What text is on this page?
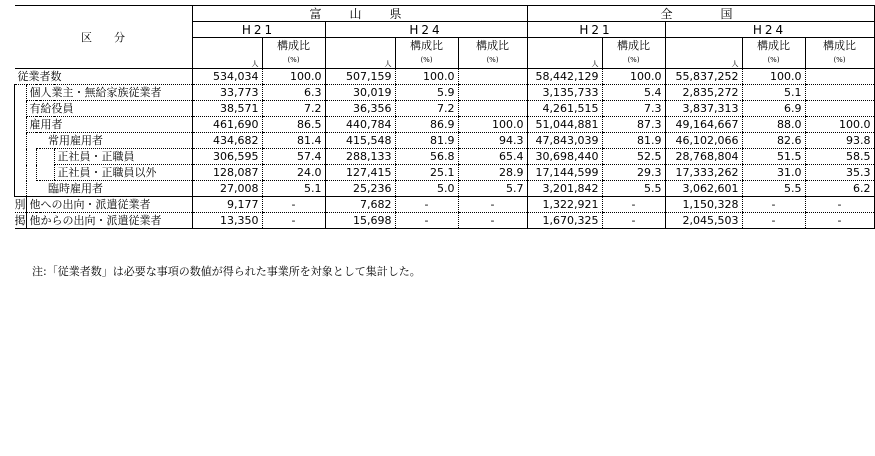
区　　分				富　山　県					全　　国				
				H21		H24			H21		H24		
					構成比		構成比	構成比		構成比		構成比	構成比
				人	(%)	人	(%)	(%)	人	(%)	人	(%)	(%)
従業者数				534,034	100.0	507,159	100.0		58,442,129	100.0	55,837,252	100.0	
	個人業主・無給家族従業者			33,773	6.3	30,019	5.9		3,135,733	5.4	2,835,272	5.1	
	有給役員			38,571	7.2	36,356	7.2		4,261,515	7.3	3,837,313	6.9	
	雇用者			461,690	86.5	440,784	86.9	100.0	51,044,881	87.3	49,164,667	88.0	100.0
		常用雇用者		434,682	81.4	415,548	81.9	94.3	47,843,039	81.9	46,102,066	82.6	93.8
			正社員・正職員	306,595	57.4	288,133	56.8	65.4	30,698,440	52.5	28,768,804	51.5	58.5
			正社員・正職員以外	128,087	24.0	127,415	25.1	28.9	17,144,599	29.3	17,333,262	31.0	35.3
		臨時雇用者		27,008	5.1	25,236	5.0	5.7	3,201,842	5.5	3,062,601	5.5	6.2
別	他への出向・派遣従業者			9,177	-	7,682	-	-	1,322,921	-	1,150,328	-	-
掲	他からの出向・派遣従業者			13,350	-	15,698	-	-	1,670,325	-	2,045,503	-	-
注:「従業者数」は必要な事項の数値が得られた事業所を対象として集計した。
